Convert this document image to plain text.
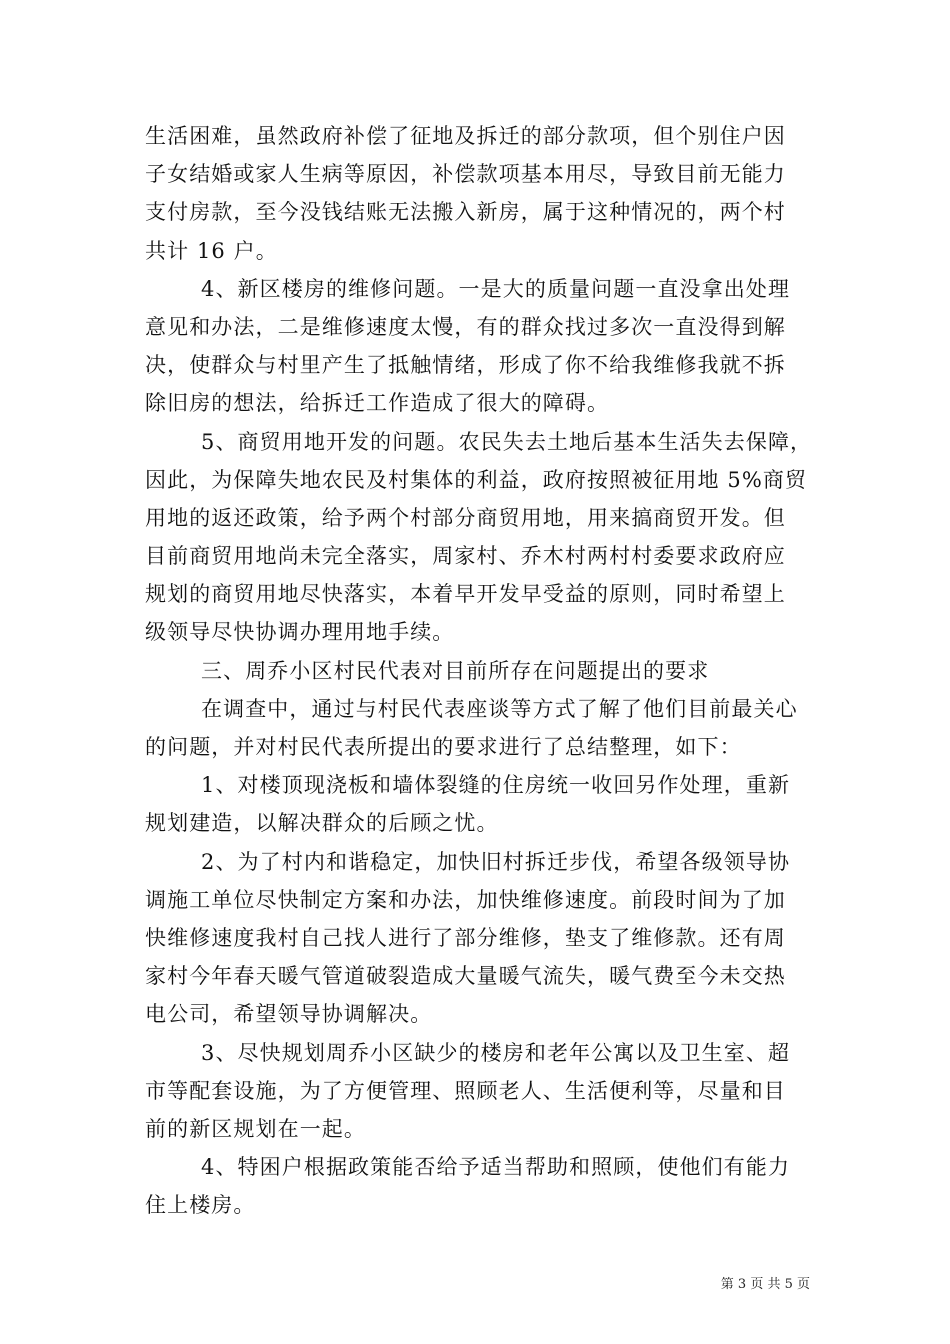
生活困难，虽然政府补偿了征地及拆迁的部分款项，但个别住户因
子女结婚或家人生病等原因，补偿款项基本用尽，导致目前无能力
支付房款，至今没钱结账无法搬入新房，属于这种情况的，两个村
共计 16 户。
4、新区楼房的维修问题。一是大的质量问题一直没拿出处理
意见和办法，二是维修速度太慢，有的群众找过多次一直没得到解
决，使群众与村里产生了抵触情绪，形成了你不给我维修我就不拆
除旧房的想法，给拆迁工作造成了很大的障碍。
5、商贸用地开发的问题。农民失去土地后基本生活失去保障，
因此，为保障失地农民及村集体的利益，政府按照被征用地 5%商贸
用地的返还政策，给予两个村部分商贸用地，用来搞商贸开发。但
目前商贸用地尚未完全落实，周家村、乔木村两村村委要求政府应
规划的商贸用地尽快落实，本着早开发早受益的原则，同时希望上
级领导尽快协调办理用地手续。
三、周乔小区村民代表对目前所存在问题提出的要求
在调查中，通过与村民代表座谈等方式了解了他们目前最关心
的问题，并对村民代表所提出的要求进行了总结整理，如下：
1、对楼顶现浇板和墙体裂缝的住房统一收回另作处理，重新
规划建造，以解决群众的后顾之忧。
2、为了村内和谐稳定，加快旧村拆迁步伐，希望各级领导协
调施工单位尽快制定方案和办法，加快维修速度。前段时间为了加
快维修速度我村自己找人进行了部分维修，垫支了维修款。还有周
家村今年春天暖气管道破裂造成大量暖气流失，暖气费至今未交热
电公司，希望领导协调解决。
3、尽快规划周乔小区缺少的楼房和老年公寓以及卫生室、超
市等配套设施，为了方便管理、照顾老人、生活便利等，尽量和目
前的新区规划在一起。
4、特困户根据政策能否给予适当帮助和照顾，使他们有能力
住上楼房。
第 3 页 共 5 页
